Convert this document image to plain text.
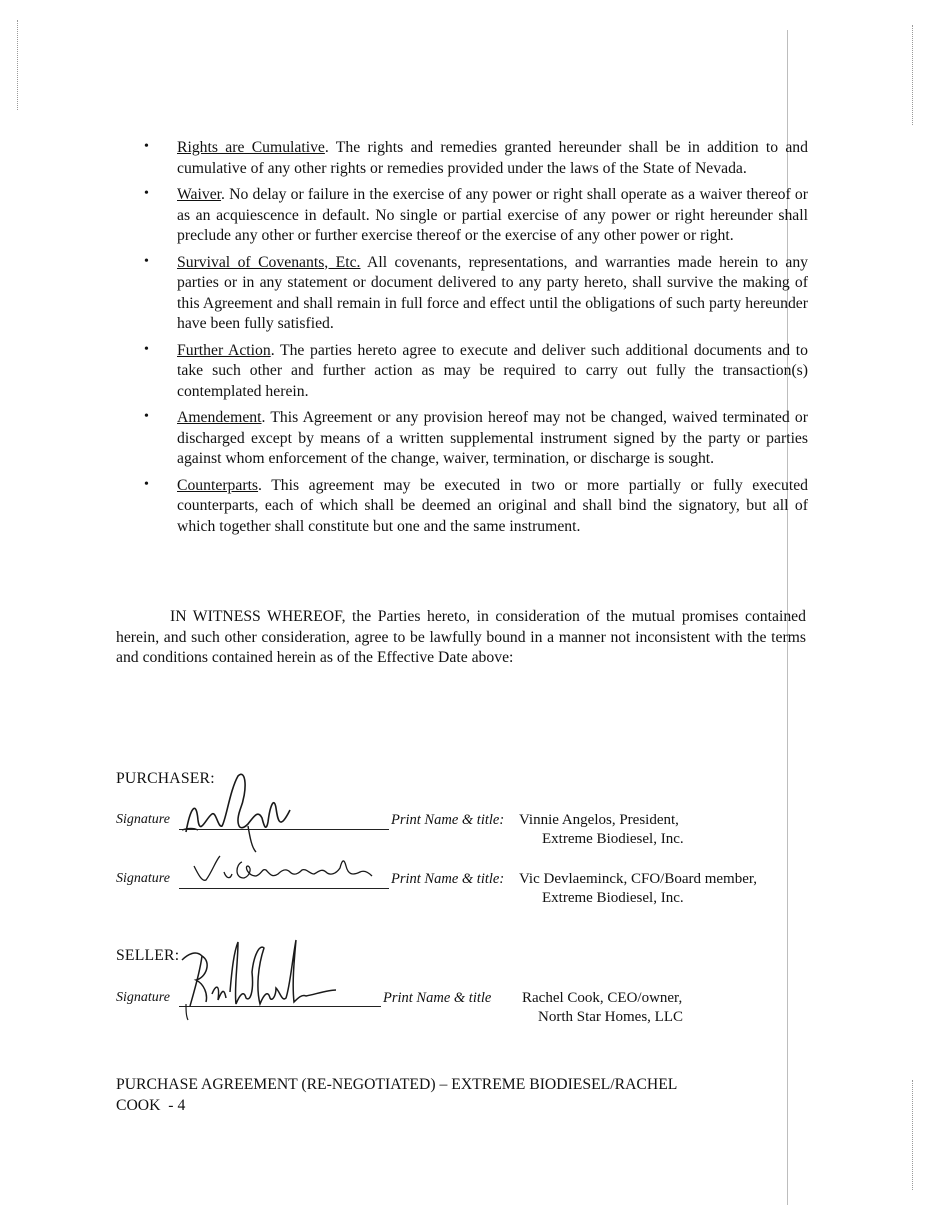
• Rights are Cumulative. The rights and remedies granted hereunder shall be in addition to and cumulative of any other rights or remedies provided under the laws of the State of Nevada.
• Waiver. No delay or failure in the exercise of any power or right shall operate as a waiver thereof or as an acquiescence in default. No single or partial exercise of any power or right hereunder shall preclude any other or further exercise thereof or the exercise of any other power or right.
• Survival of Covenants, Etc. All covenants, representations, and warranties made herein to any parties or in any statement or document delivered to any party hereto, shall survive the making of this Agreement and shall remain in full force and effect until the obligations of such party hereunder have been fully satisfied.
• Further Action. The parties hereto agree to execute and deliver such additional documents and to take such other and further action as may be required to carry out fully the transaction(s) contemplated herein.
• Amendement. This Agreement or any provision hereof may not be changed, waived terminated or discharged except by means of a written supplemental instrument signed by the party or parties against whom enforcement of the change, waiver, termination, or discharge is sought.
• Counterparts. This agreement may be executed in two or more partially or fully executed counterparts, each of which shall be deemed an original and shall bind the signatory, but all of which together shall constitute but one and the same instrument.
IN WITNESS WHEREOF, the Parties hereto, in consideration of the mutual promises contained herein, and such other consideration, agree to be lawfully bound in a manner not inconsistent with the terms and conditions contained herein as of the Effective Date above:
PURCHASER:
Signature	Print Name & title: Vinnie Angelos, President,
Extreme Biodiesel, Inc.
Signature	Print Name & title: Vic Devlaeminck, CFO/Board member,
Extreme Biodiesel, Inc.
SELLER:
Signature	Print Name & title Rachel Cook, CEO/owner,
North Star Homes, LLC
PURCHASE AGREEMENT (RE-NEGOTIATED) – EXTREME BIODIESEL/RACHEL
COOK  - 4
